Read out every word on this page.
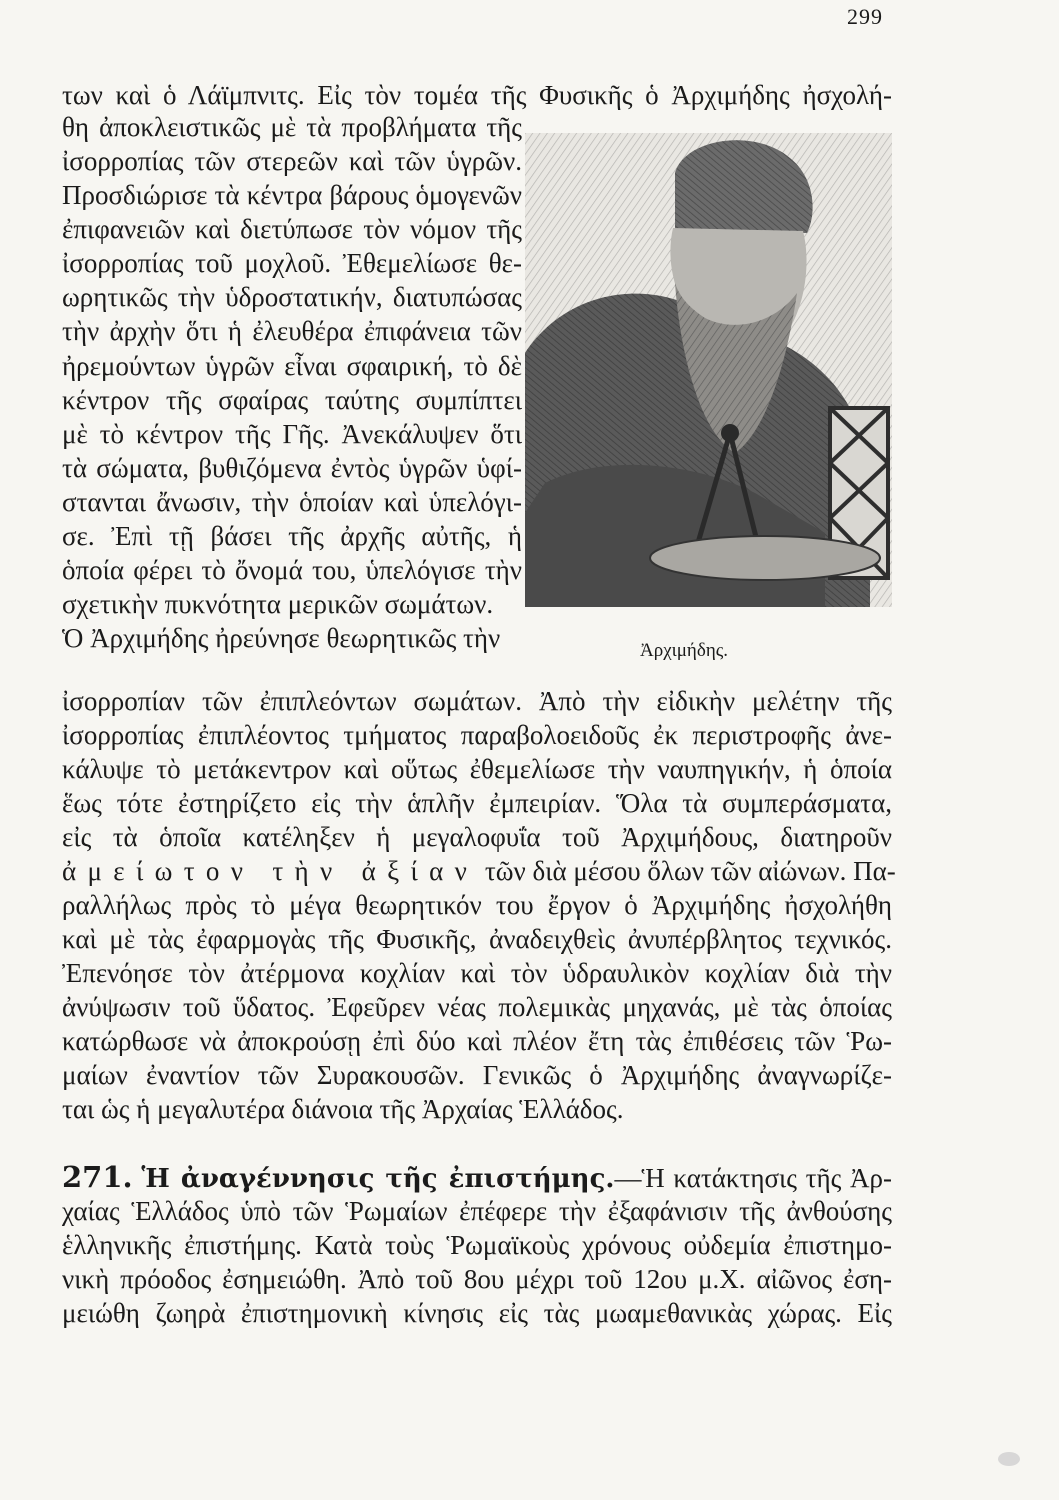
299
των καὶ ὁ Λάϊμπνιτς. Εἰς τὸν τομέα τῆς Φυσικῆς ὁ Ἀρχιμήδης ἠσχολή-
θη ἀποκλειστικῶς μὲ τὰ προβλήματα τῆς
ἰσορροπίας τῶν στερεῶν καὶ τῶν ὑγρῶν.
Προσδιώρισε τὰ κέντρα βάρους ὁμογενῶν
ἐπιφανειῶν καὶ διετύπωσε τὸν νόμον τῆς
ἰσορροπίας τοῦ μοχλοῦ. Ἐθεμελίωσε θε-
ωρητικῶς τὴν ὑδροστατικήν, διατυπώσας
τὴν ἀρχὴν ὅτι ἡ ἐλευθέρα ἐπιφάνεια τῶν
ἠρεμούντων ὑγρῶν εἶναι σφαιρική, τὸ δὲ
κέντρον τῆς σφαίρας ταύτης συμπίπτει
μὲ τὸ κέντρον τῆς Γῆς. Ἀνεκάλυψεν ὅτι
τὰ σώματα, βυθιζόμενα ἐντὸς ὑγρῶν ὑφί-
στανται ἄνωσιν, τὴν ὁποίαν καὶ ὑπελόγι-
σε. Ἐπὶ τῇ βάσει τῆς ἀρχῆς αὐτῆς, ἡ
ὁποία φέρει τὸ ὄνομά του, ὑπελόγισε τὴν
σχετικὴν πυκνότητα μερικῶν σωμάτων.
Ὁ Ἀρχιμήδης ἠρεύνησε θεωρητικῶς τὴν	Ἀρχιμήδης.
ἰσορροπίαν τῶν ἐπιπλεόντων σωμάτων. Ἀπὸ τὴν εἰδικὴν μελέτην τῆς
ἰσορροπίας ἐπιπλέοντος τμήματος παραβολοειδοῦς ἐκ περιστροφῆς ἀνε-
κάλυψε τὸ μετάκεντρον καὶ οὕτως ἐθεμελίωσε τὴν ναυπηγικήν, ἡ ὁποία
ἕως τότε ἐστηρίζετο εἰς τὴν ἁπλῆν ἐμπειρίαν. Ὅλα τὰ συμπεράσματα,
εἰς τὰ ὁποῖα κατέληξεν ἡ μεγαλοφυΐα τοῦ Ἀρχιμήδους, διατηροῦν
ἀμείωτον τὴν ἀξίαν τῶν διὰ μέσου ὅλων τῶν αἰώνων. Πα-
ραλλήλως πρὸς τὸ μέγα θεωρητικόν του ἔργον ὁ Ἀρχιμήδης ἠσχολήθη
καὶ μὲ τὰς ἐφαρμογὰς τῆς Φυσικῆς, ἀναδειχθεὶς ἀνυπέρβλητος τεχνικός.
Ἐπενόησε τὸν ἀτέρμονα κοχλίαν καὶ τὸν ὑδραυλικὸν κοχλίαν διὰ τὴν
ἀνύψωσιν τοῦ ὕδατος. Ἐφεῦρεν νέας πολεμικὰς μηχανάς, μὲ τὰς ὁποίας
κατώρθωσε νὰ ἀποκρούσῃ ἐπὶ δύο καὶ πλέον ἔτη τὰς ἐπιθέσεις τῶν Ῥω-
μαίων ἐναντίον τῶν Συρακουσῶν. Γενικῶς ὁ Ἀρχιμήδης ἀναγνωρίζε-
ται ὡς ἡ μεγαλυτέρα διάνοια τῆς Ἀρχαίας Ἑλλάδος.
271. Ἡ ἀναγέννησις τῆς ἐπιστήμης.—Ἡ κατάκτησις τῆς Ἀρ-
χαίας Ἑλλάδος ὑπὸ τῶν Ῥωμαίων ἐπέφερε τὴν ἐξαφάνισιν τῆς ἀνθούσης
ἑλληνικῆς ἐπιστήμης. Κατὰ τοὺς Ῥωμαϊκοὺς χρόνους οὐδεμία ἐπιστημο-
νικὴ πρόοδος ἐσημειώθη. Ἀπὸ τοῦ 8ου μέχρι τοῦ 12ου μ.Χ. αἰῶνος ἐση-
μειώθη ζωηρὰ ἐπιστημονικὴ κίνησις εἰς τὰς μωαμεθανικὰς χώρας. Εἰς
